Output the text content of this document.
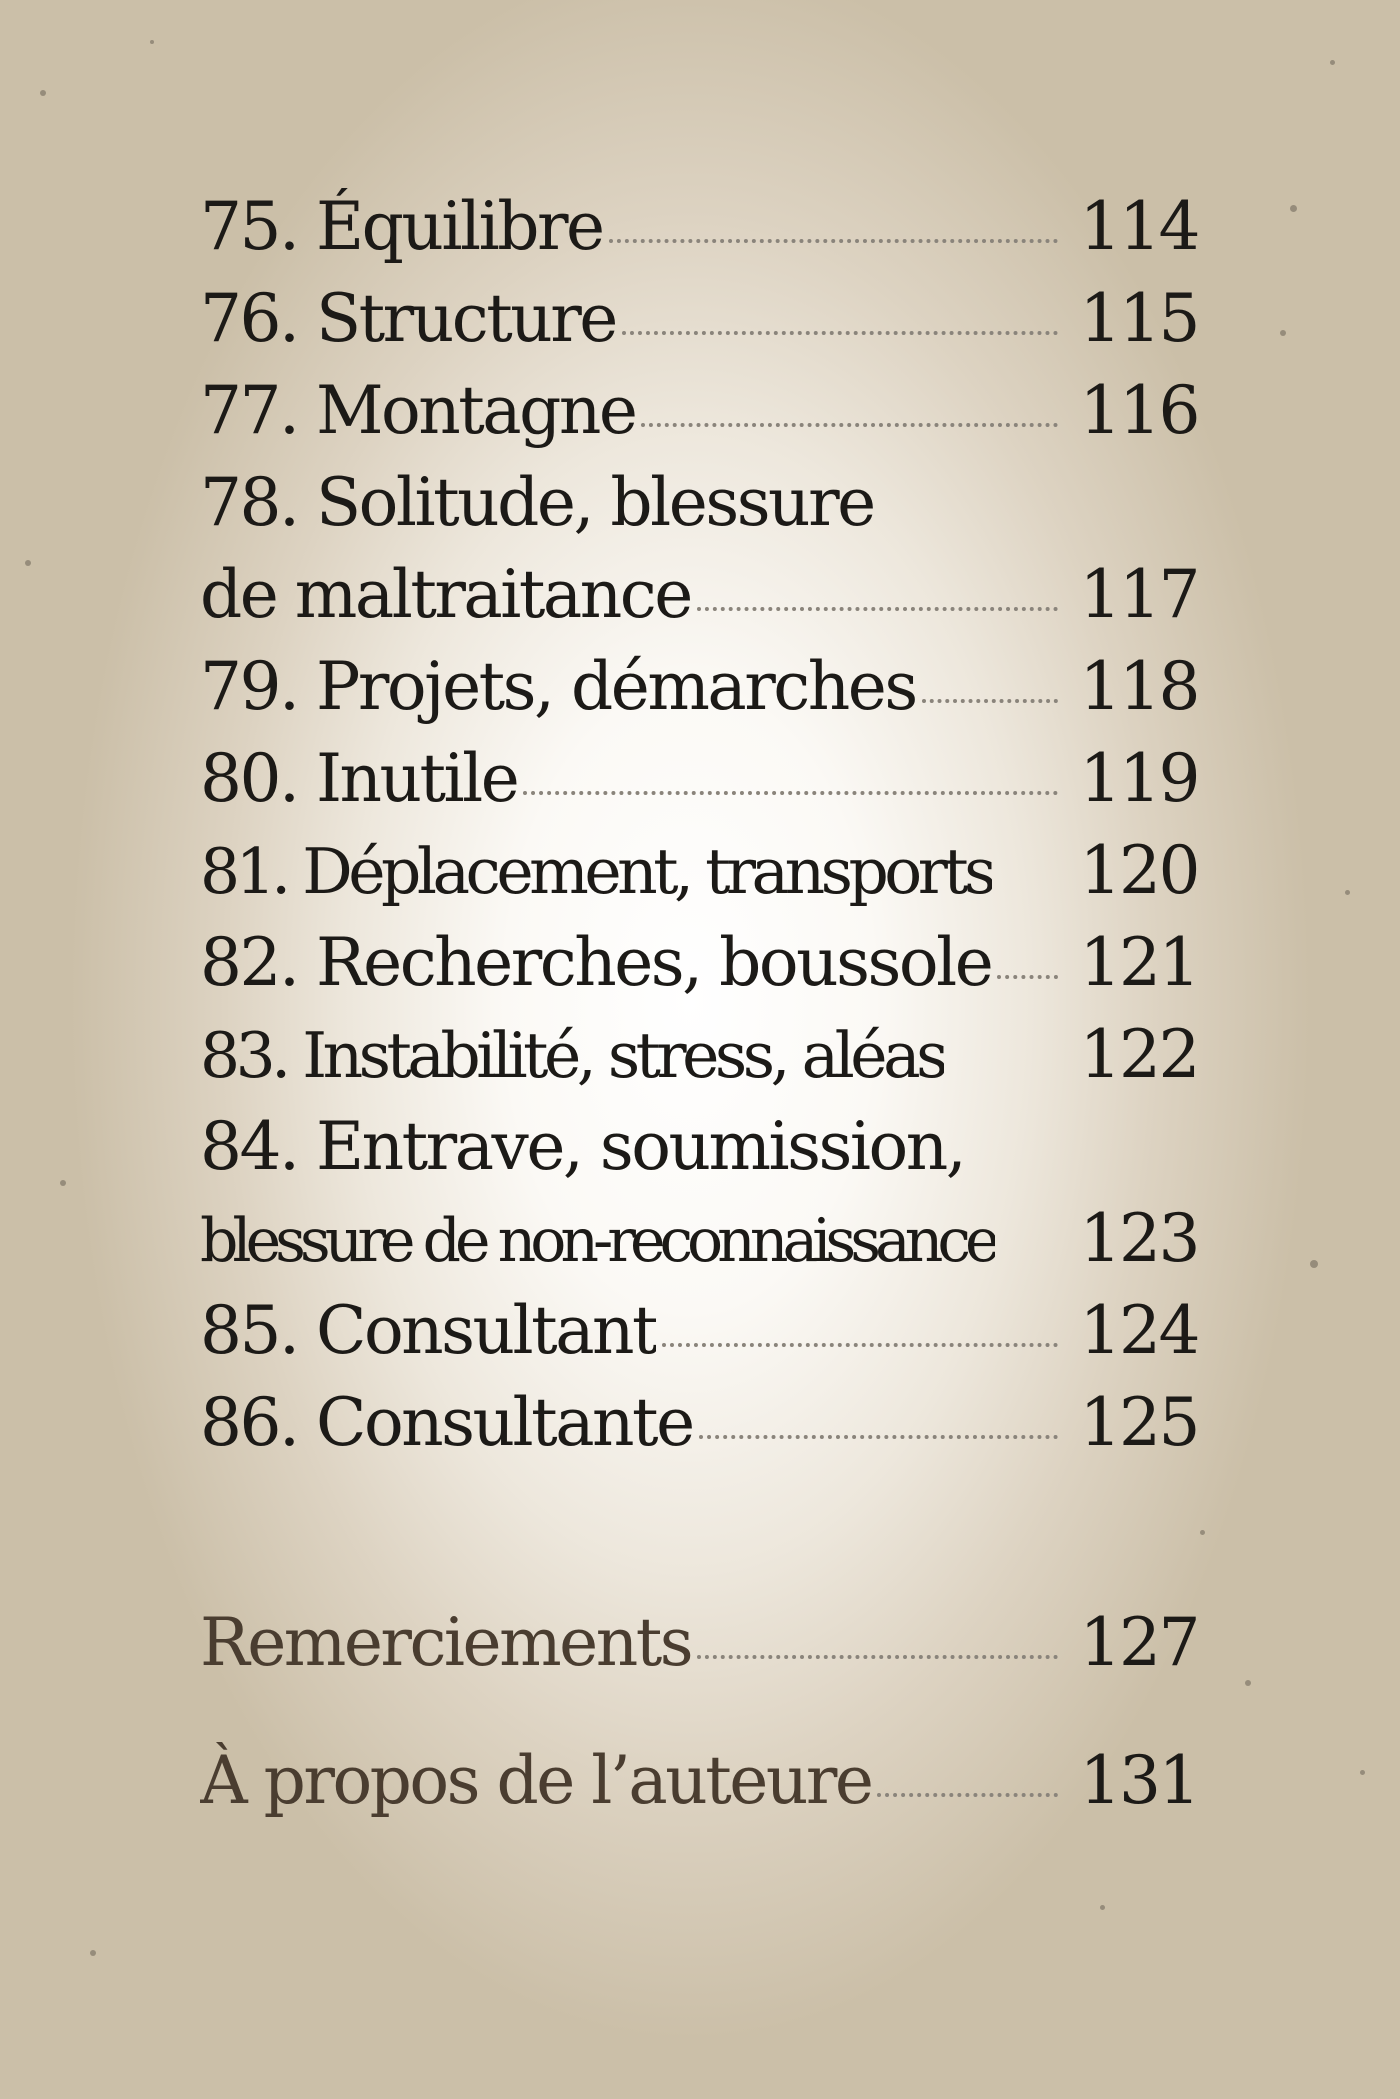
75. Équilibre	114
76. Structure	115
77. Montagne	116
78. Solitude, blessure
de maltraitance	117
79. Projets, démarches 118
80. Inutile	119
81. Déplacement, transports 120
82. Recherches, boussole 121
83. Instabilité, stress, aléas 122
84. Entrave, soumission,
blessure de non-reconnaissance 123
85. Consultant	124
86. Consultante	125
Remerciements	127
À propos de l’auteure	131
